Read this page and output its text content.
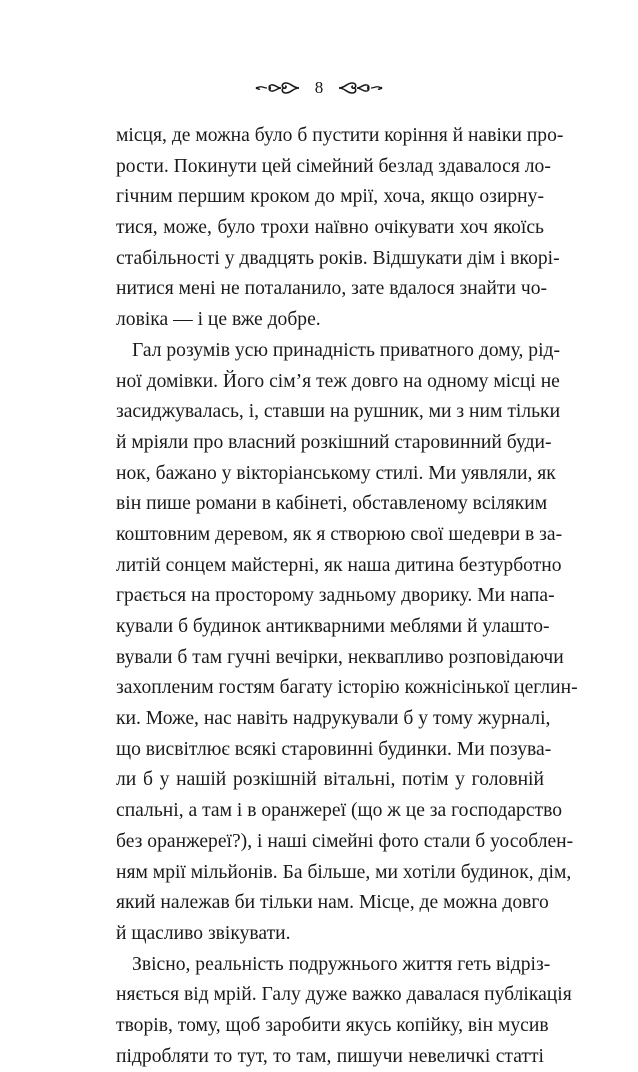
8
місця, де можна було б пустити коріння й навіки про-
рости. Покинути цей сімейний безлад здавалося ло-
гічним першим кроком до мрії, хоча, якщо озирну-
тися, може, було трохи наївно очікувати хоч якоїсь
стабільності у двадцять років. Відшукати дім і вкорі-
нитися мені не поталанило, зате вдалося знайти чо-
ловіка — і це вже добре.
Гал розумів усю принадність приватного дому, рід-
ної домівки. Його сім’я теж довго на одному місці не
засиджувалась, і, ставши на рушник, ми з ним тільки
й мріяли про власний розкішний старовинний буди-
нок, бажано у вікторіанському стилі. Ми уявляли, як
він пише романи в кабінеті, обставленому всіляким
коштовним деревом, як я створюю свої шедеври в за-
литій сонцем майстерні, як наша дитина безтурботно
грається на просторому задньому дворику. Ми напа-
кували б будинок антикварними меблями й улашто-
вували б там гучні вечірки, неквапливо розповідаючи
захопленим гостям багату історію кожнісінької цеглин-
ки. Може, нас навіть надрукували б у тому журналі,
що висвітлює всякі старовинні будинки. Ми позува-
ли б у нашій розкішній вітальні, потім у головній
спальні, а там і в оранжереї (що ж це за господарство
без оранжереї?), і наші сімейні фото стали б уособлен-
ням мрії мільйонів. Ба більше, ми хотіли будинок, дім,
який належав би тільки нам. Місце, де можна довго
й щасливо звікувати.
Звісно, реальність подружнього життя геть відріз-
няється від мрій. Галу дуже важко давалася публікація
творів, тому, щоб заробити якусь копійку, він мусив
підробляти то тут, то там, пишучи невеличкі статті
